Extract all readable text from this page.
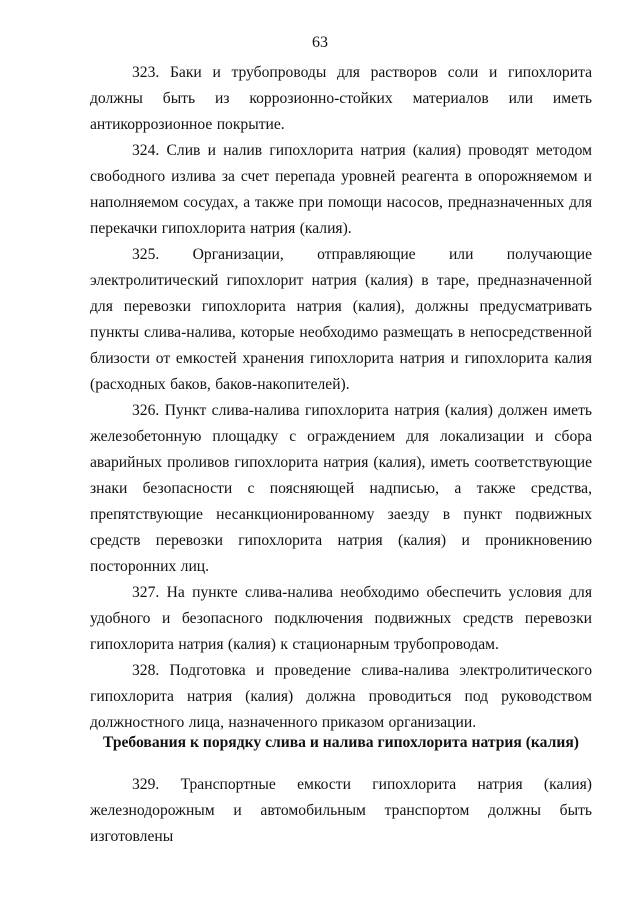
63

323. Баки и трубопроводы для растворов соли и гипохлорита должны быть из коррозионно-стойких материалов или иметь антикоррозионное покрытие.

324. Слив и налив гипохлорита натрия (калия) проводят методом свободного излива за счет перепада уровней реагента в опорожняемом и наполняемом сосудах, а также при помощи насосов, предназначенных для перекачки гипохлорита натрия (калия).

325. Организации, отправляющие или получающие электролитический гипохлорит натрия (калия) в таре, предназначенной для перевозки гипохлорита натрия (калия), должны предусматривать пункты слива-налива, которые необходимо размещать в непосредственной близости от емкостей хранения гипохлорита натрия и гипохлорита калия (расходных баков, баков-накопителей).

326. Пункт слива-налива гипохлорита натрия (калия) должен иметь железобетонную площадку с ограждением для локализации и сбора аварийных проливов гипохлорита натрия (калия), иметь соответствующие знаки безопасности с поясняющей надписью, а также средства, препятствующие несанкционированному заезду в пункт подвижных средств перевозки гипохлорита натрия (калия) и проникновению посторонних лиц.

327. На пункте слива-налива необходимо обеспечить условия для удобного и безопасного подключения подвижных средств перевозки гипохлорита натрия (калия) к стационарным трубопроводам.

328. Подготовка и проведение слива-налива электролитического гипохлорита натрия (калия) должна проводиться под руководством должностного лица, назначенного приказом организации.

Требования к порядку слива и налива гипохлорита натрия (калия)

329. Транспортные емкости гипохлорита натрия (калия) железнодорожным и автомобильным транспортом должны быть изготовлены
